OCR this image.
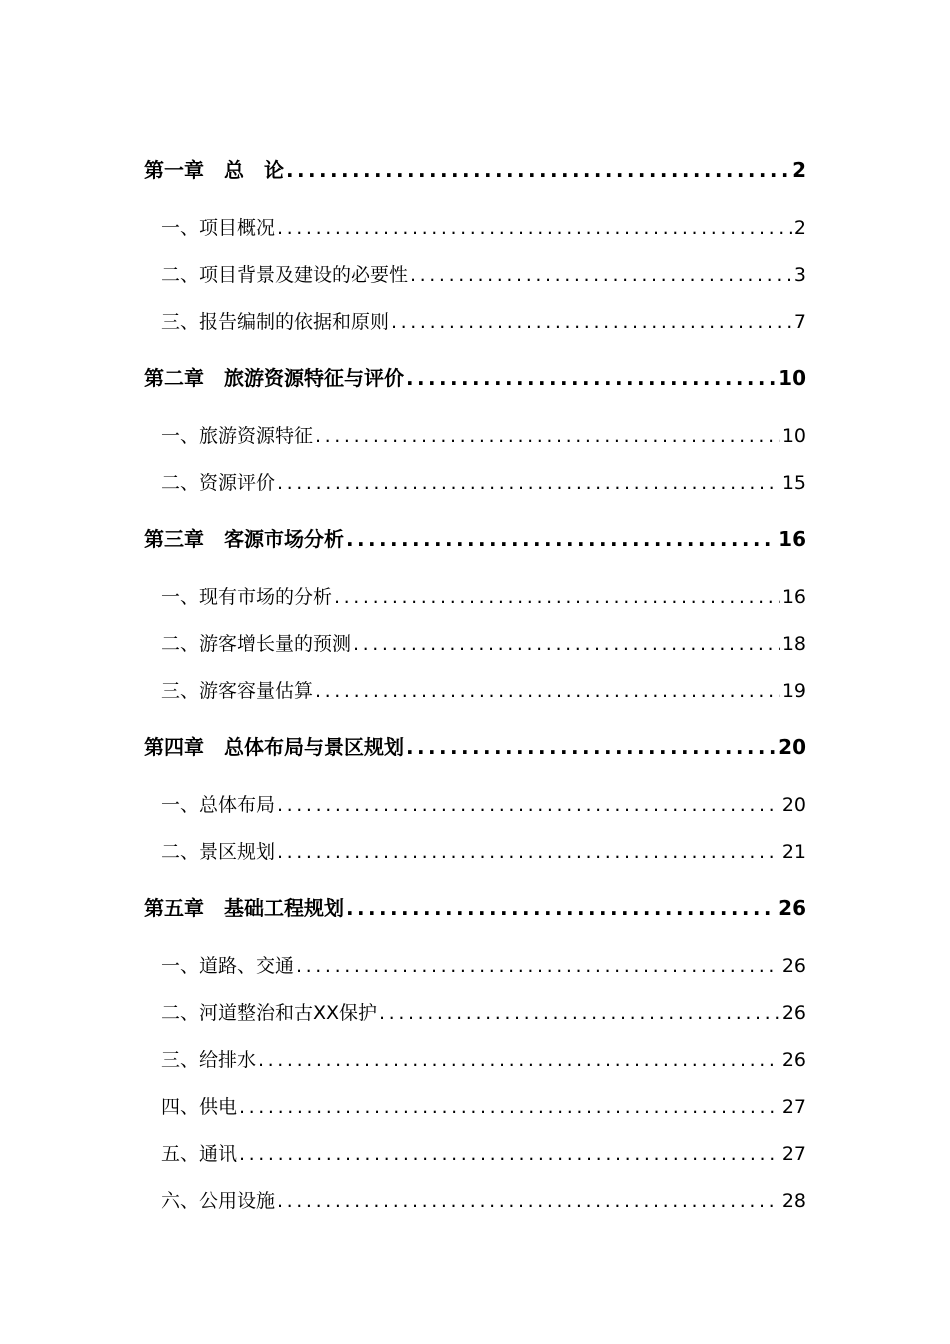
第一章　总　论 .....	2
一、项目概况 .....	2
二、项目背景及建设的必要性 .....	3
三、报告编制的依据和原则 .....	7
第二章　旅游资源特征与评价 .....	10
一、旅游资源特征 .....	10
二、资源评价 .....	15
第三章　客源市场分析 .....	16
一、现有市场的分析 .....	16
二、游客增长量的预测 .....	18
三、游客容量估算 .....	19
第四章　总体布局与景区规划 .....	20
一、总体布局 .....	20
二、景区规划 .....	21
第五章　基础工程规划 .....	26
一、道路、交通 .....	26
二、河道整治和古XX保护 .....	26
三、给排水 .....	26
四、供电 .....	27
五、通讯 .....	27
六、公用设施 .....	28
